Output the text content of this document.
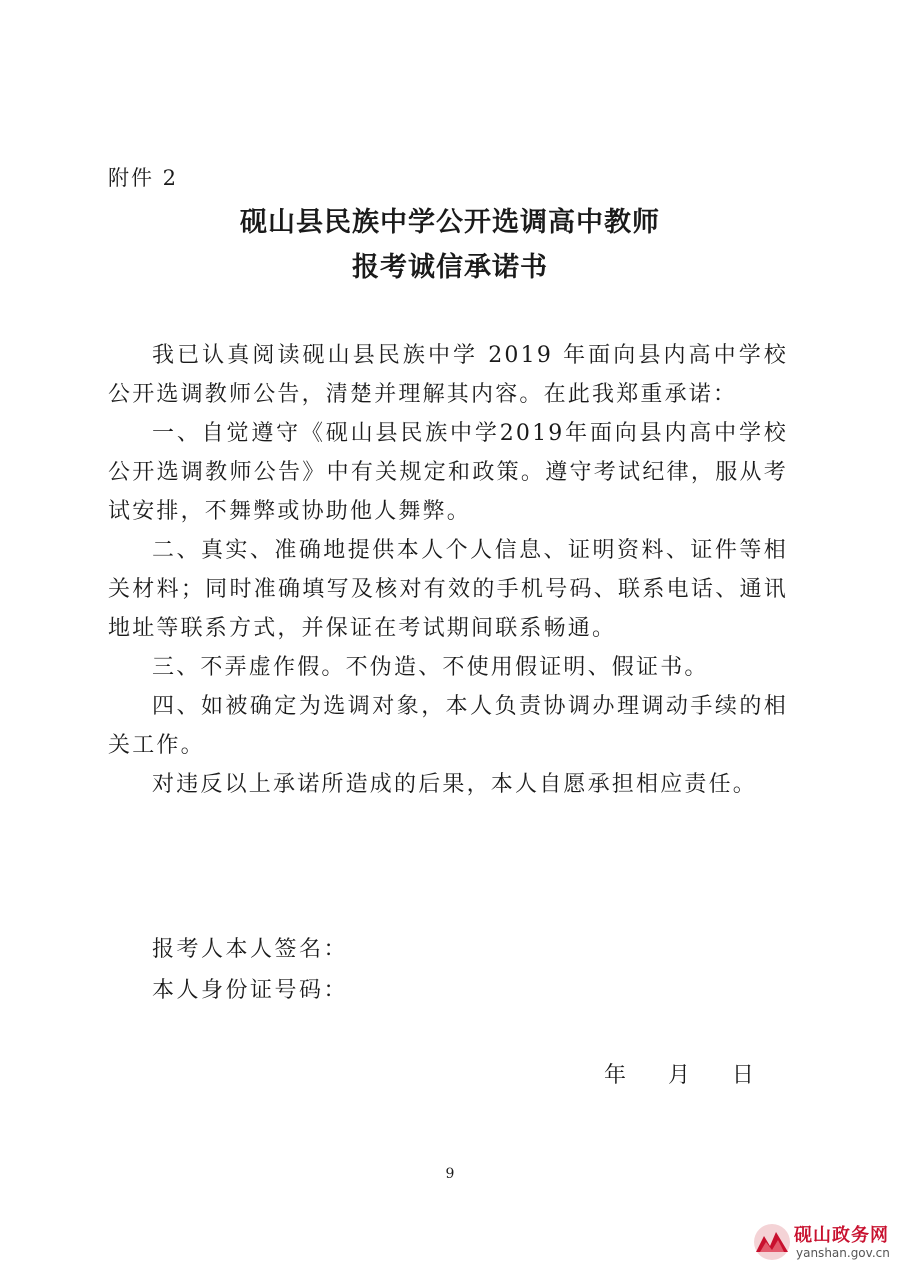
附件 2
砚山县民族中学公开选调高中教师
报考诚信承诺书

我已认真阅读砚山县民族中学 2019 年面向县内高中学校公开选调教师公告，清楚并理解其内容。在此我郑重承诺：

一、自觉遵守《砚山县民族中学2019年面向县内高中学校公开选调教师公告》中有关规定和政策。遵守考试纪律，服从考试安排，不舞弊或协助他人舞弊。

二、真实、准确地提供本人个人信息、证明资料、证件等相关材料；同时准确填写及核对有效的手机号码、联系电话、通讯地址等联系方式，并保证在考试期间联系畅通。

三、不弄虚作假。不伪造、不使用假证明、假证书。

四、如被确定为选调对象，本人负责协调办理调动手续的相关工作。

对违反以上承诺所造成的后果，本人自愿承担相应责任。

报考人本人签名：
本人身份证号码：
年      月      日
9
砚山政务网
yanshan.gov.cn
